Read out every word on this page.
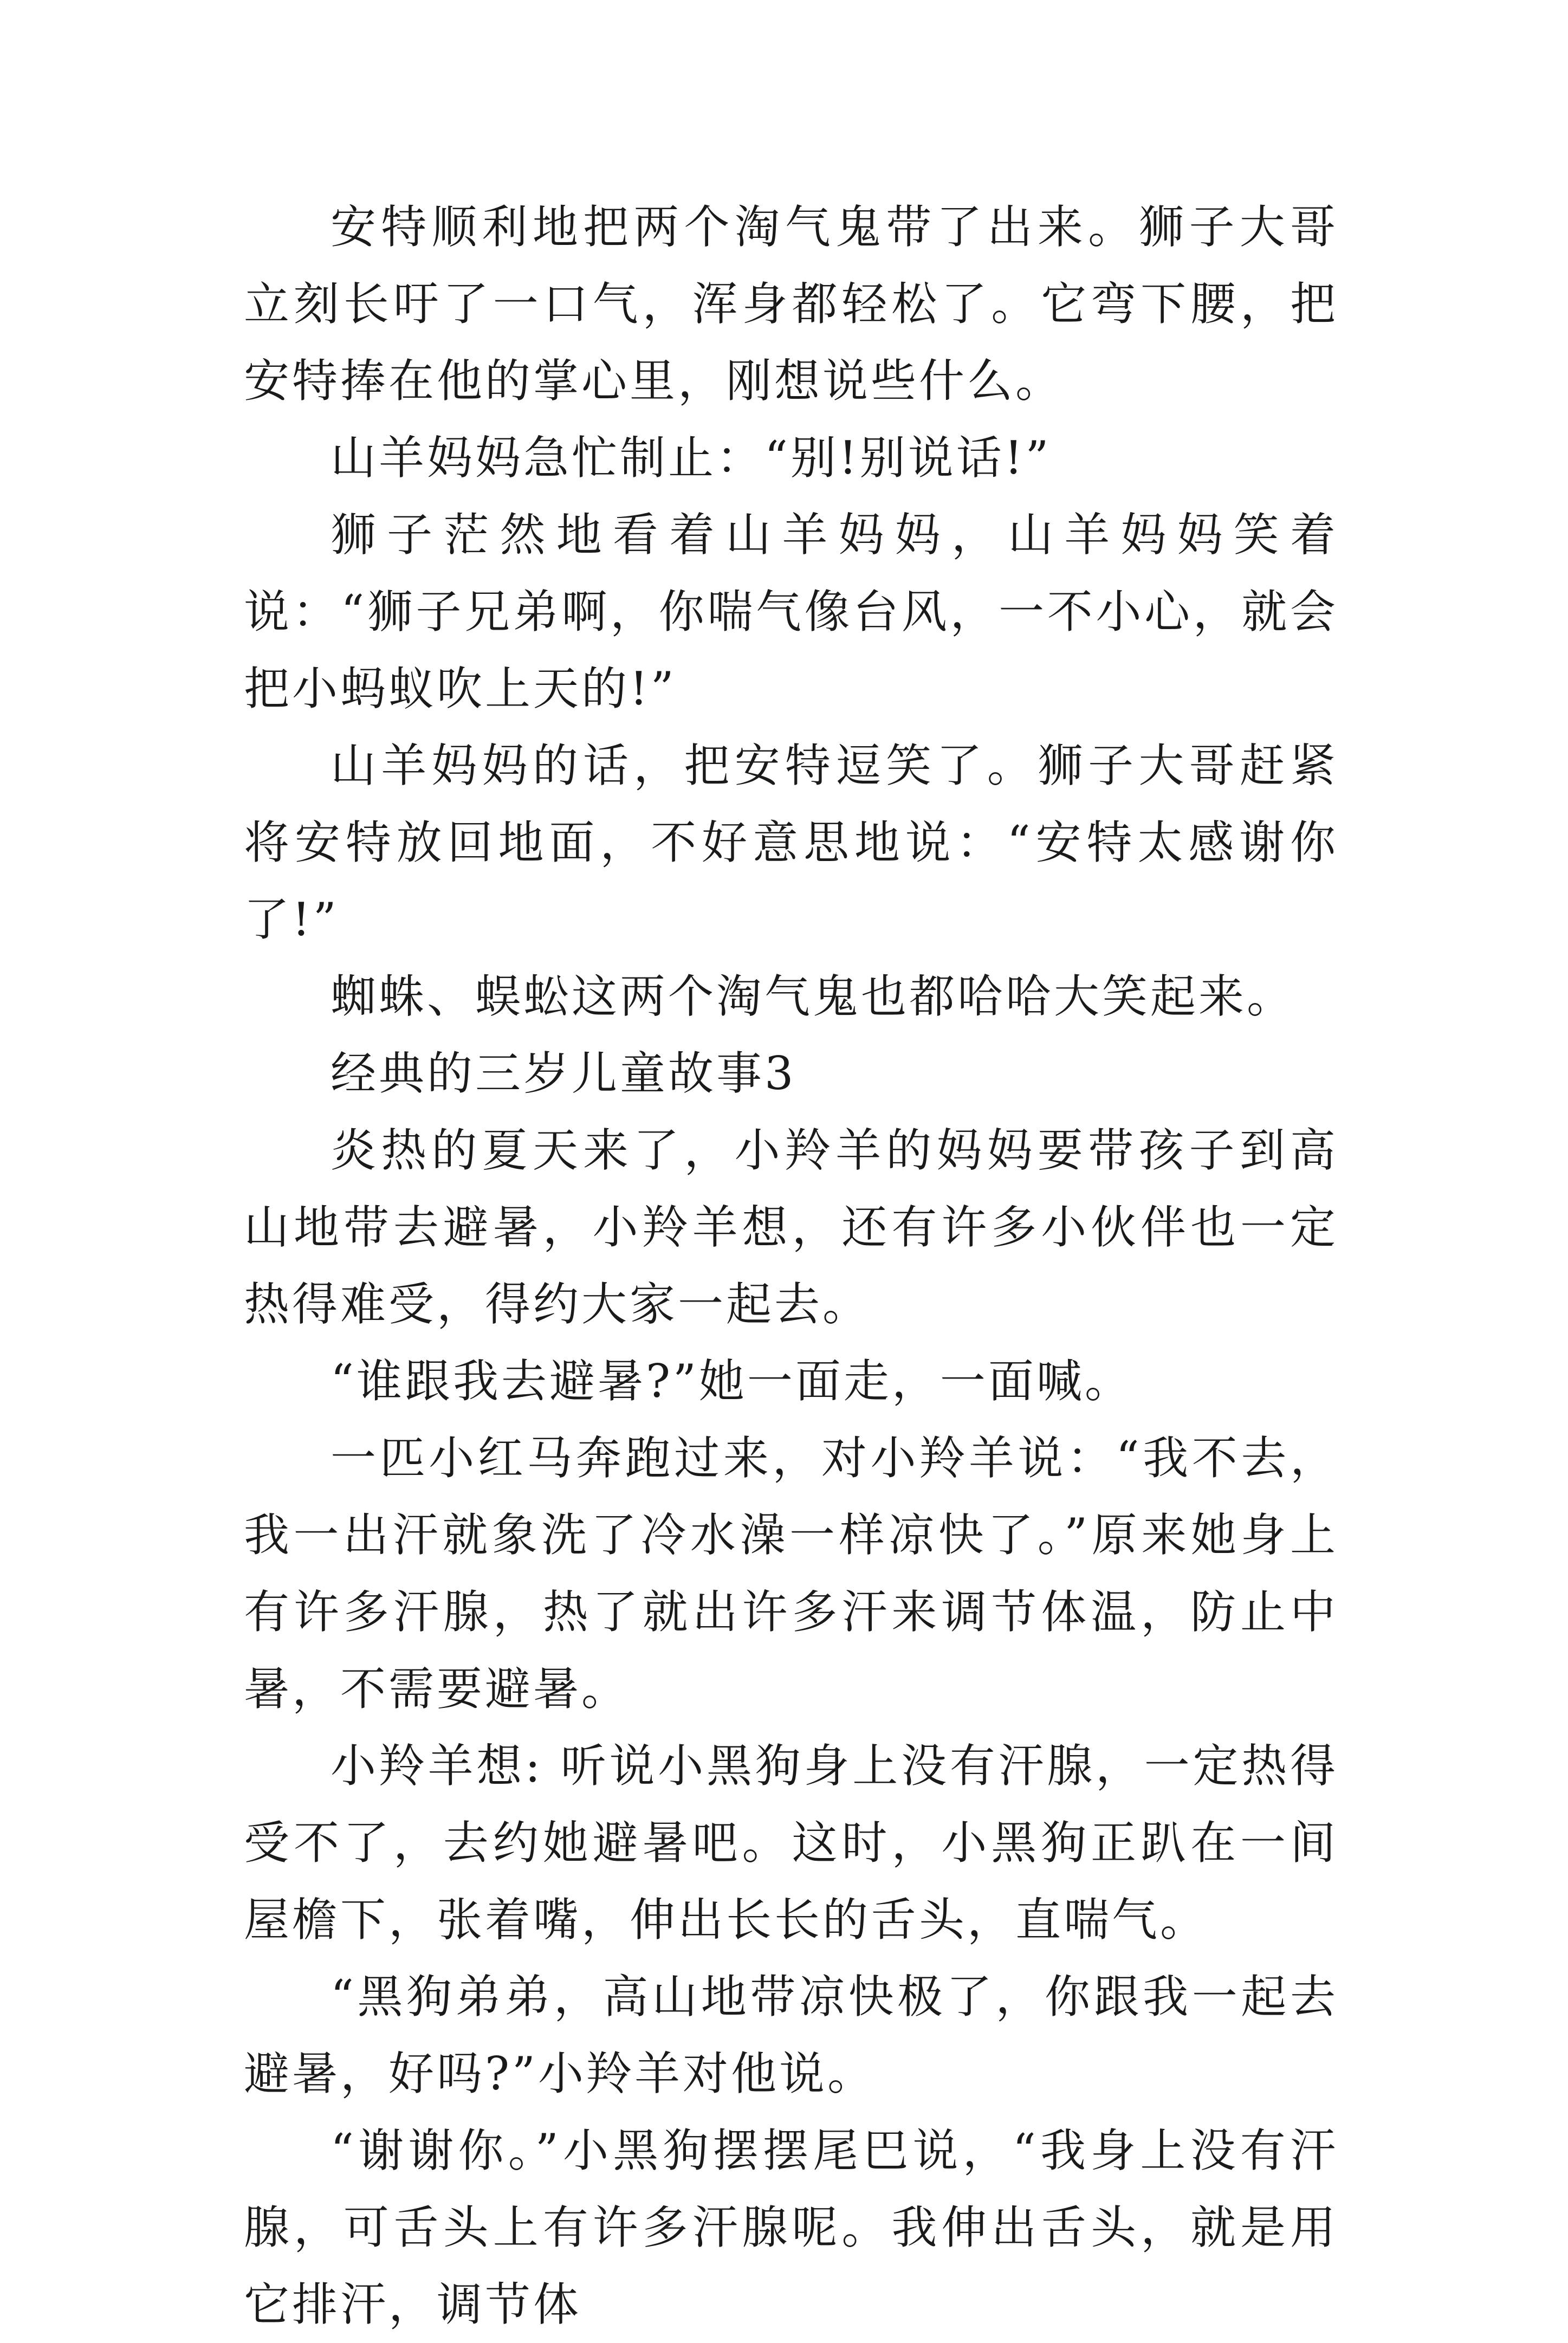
安特顺利地把两个淘气鬼带了出来。狮子大哥立刻长吁了一口气，浑身都轻松了。它弯下腰，把安特捧在他的掌心里，刚想说些什么。

山羊妈妈急忙制止：“别!别说话!”

狮子茫然地看着山羊妈妈，山羊妈妈笑着说：“狮子兄弟啊，你喘气像台风，一不小心，就会把小蚂蚁吹上天的!”

山羊妈妈的话，把安特逗笑了。狮子大哥赶紧将安特放回地面，不好意思地说：“安特太感谢你了!”

蜘蛛、蜈蚣这两个淘气鬼也都哈哈大笑起来。

经典的三岁儿童故事3

炎热的夏天来了，小羚羊的妈妈要带孩子到高山地带去避暑，小羚羊想，还有许多小伙伴也一定热得难受，得约大家一起去。

“谁跟我去避暑?”她一面走，一面喊。

一匹小红马奔跑过来，对小羚羊说：“我不去，我一出汗就象洗了冷水澡一样凉快了。”原来她身上有许多汗腺，热了就出许多汗来调节体温，防止中暑，不需要避暑。

小羚羊想: 听说小黑狗身上没有汗腺，一定热得受不了，去约她避暑吧。这时，小黑狗正趴在一间屋檐下，张着嘴，伸出长长的舌头，直喘气。

“黑狗弟弟，高山地带凉快极了，你跟我一起去避暑，好吗?”小羚羊对他说。

“谢谢你。”小黑狗摆摆尾巴说，“我身上没有汗腺，可舌头上有许多汗腺呢。我伸出舌头，就是用它排汗，调节体
